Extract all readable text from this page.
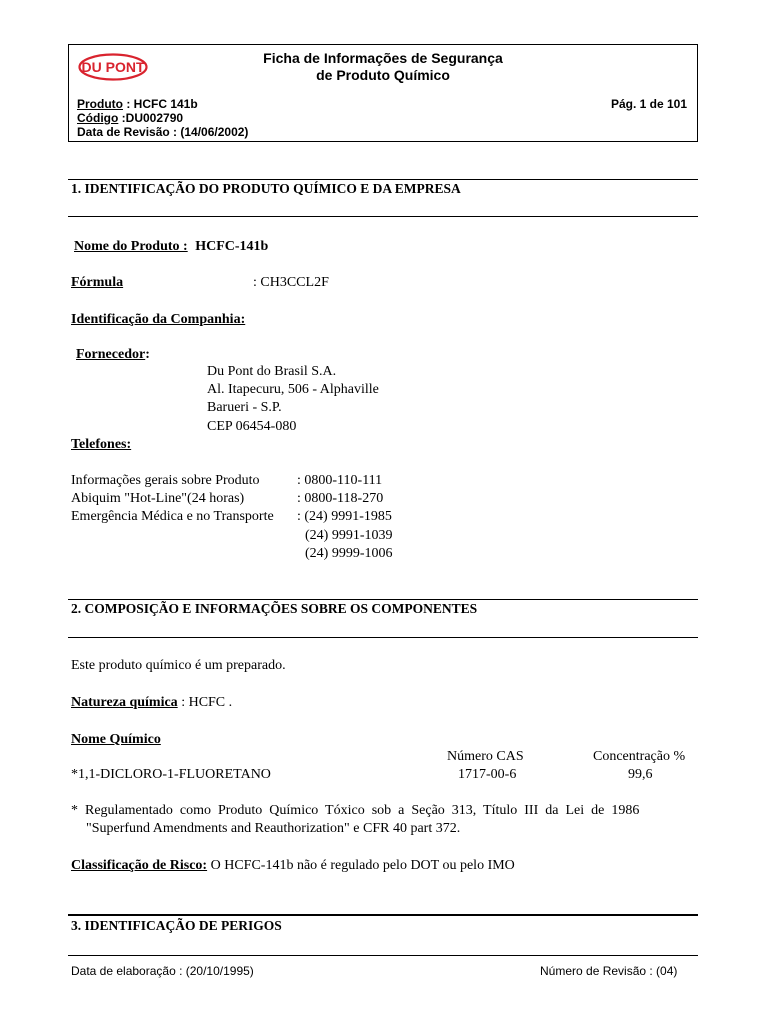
DU PONT
Ficha de Informações de Segurança
de Produto Químico
Produto : HCFC 141b
Código :DU002790
Data de Revisão : (14/06/2002)
Pág. 1 de 101
1. IDENTIFICAÇÃO DO PRODUTO QUÍMICO E DA EMPRESA
Nome do Produto : HCFC-141b
Fórmula	: CH3CCL2F
Identificação da Companhia:
Fornecedor:
Du Pont do Brasil S.A.
Al. Itapecuru, 506 - Alphaville
Barueri - S.P.
CEP 06454-080
Telefones:
Informações gerais sobre Produto	: 0800-110-111
Abiquim "Hot-Line"(24 horas)	: 0800-118-270
Emergência Médica e no Transporte : (24) 9991-1985
(24) 9991-1039
(24) 9999-1006
2. COMPOSIÇÃO E INFORMAÇÕES SOBRE OS COMPONENTES
Este produto químico é um preparado.
Natureza química : HCFC .
Nome Químico
Número CAS	Concentração %
*1,1-DICLORO-1-FLUORETANO	1717-00-6	99,6
*  Regulamentado  como  Produto  Químico  Tóxico  sob  a  Seção  313,  Título  III  da  Lei  de  1986
"Superfund Amendments and Reauthorization" e CFR 40 part 372.
Classificação de Risco: O HCFC-141b não é regulado pelo DOT ou pelo IMO
3. IDENTIFICAÇÃO DE PERIGOS
Data de elaboração : (20/10/1995)	Número de Revisão : (04)
